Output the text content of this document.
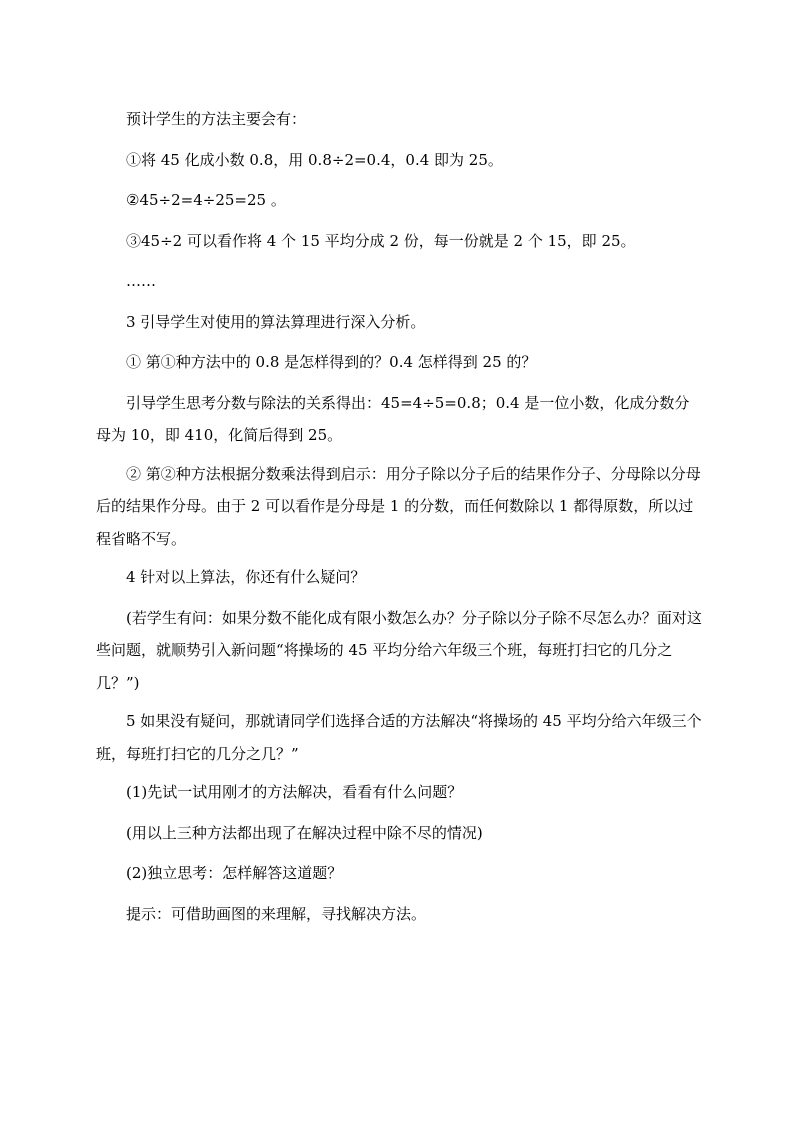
预计学生的方法主要会有：

①将 45 化成小数 0.8，用 0.8÷2=0.4，0.4 即为 25。

②45÷2=4÷25=25 。

③45÷2 可以看作将 4 个 15 平均分成 2 份，每一份就是 2 个 15，即 25。

……

3 引导学生对使用的算法算理进行深入分析。

① 第①种方法中的 0.8 是怎样得到的？0.4 怎样得到 25 的？

引导学生思考分数与除法的关系得出：45=4÷5=0.8；0.4 是一位小数，化成分数分母为 10，即 410，化简后得到 25。

② 第②种方法根据分数乘法得到启示：用分子除以分子后的结果作分子、分母除以分母后的结果作分母。由于 2 可以看作是分母是 1 的分数，而任何数除以 1 都得原数，所以过程省略不写。

4 针对以上算法，你还有什么疑问？

(若学生有问：如果分数不能化成有限小数怎么办？分子除以分子除不尽怎么办？面对这些问题，就顺势引入新问题“将操场的 45 平均分给六年级三个班，每班打扫它的几分之几？”)

5 如果没有疑问，那就请同学们选择合适的方法解决“将操场的 45 平均分给六年级三个班，每班打扫它的几分之几？”

(1)先试一试用刚才的方法解决，看看有什么问题？

(用以上三种方法都出现了在解决过程中除不尽的情况)

(2)独立思考：怎样解答这道题？

提示：可借助画图的来理解，寻找解决方法。
